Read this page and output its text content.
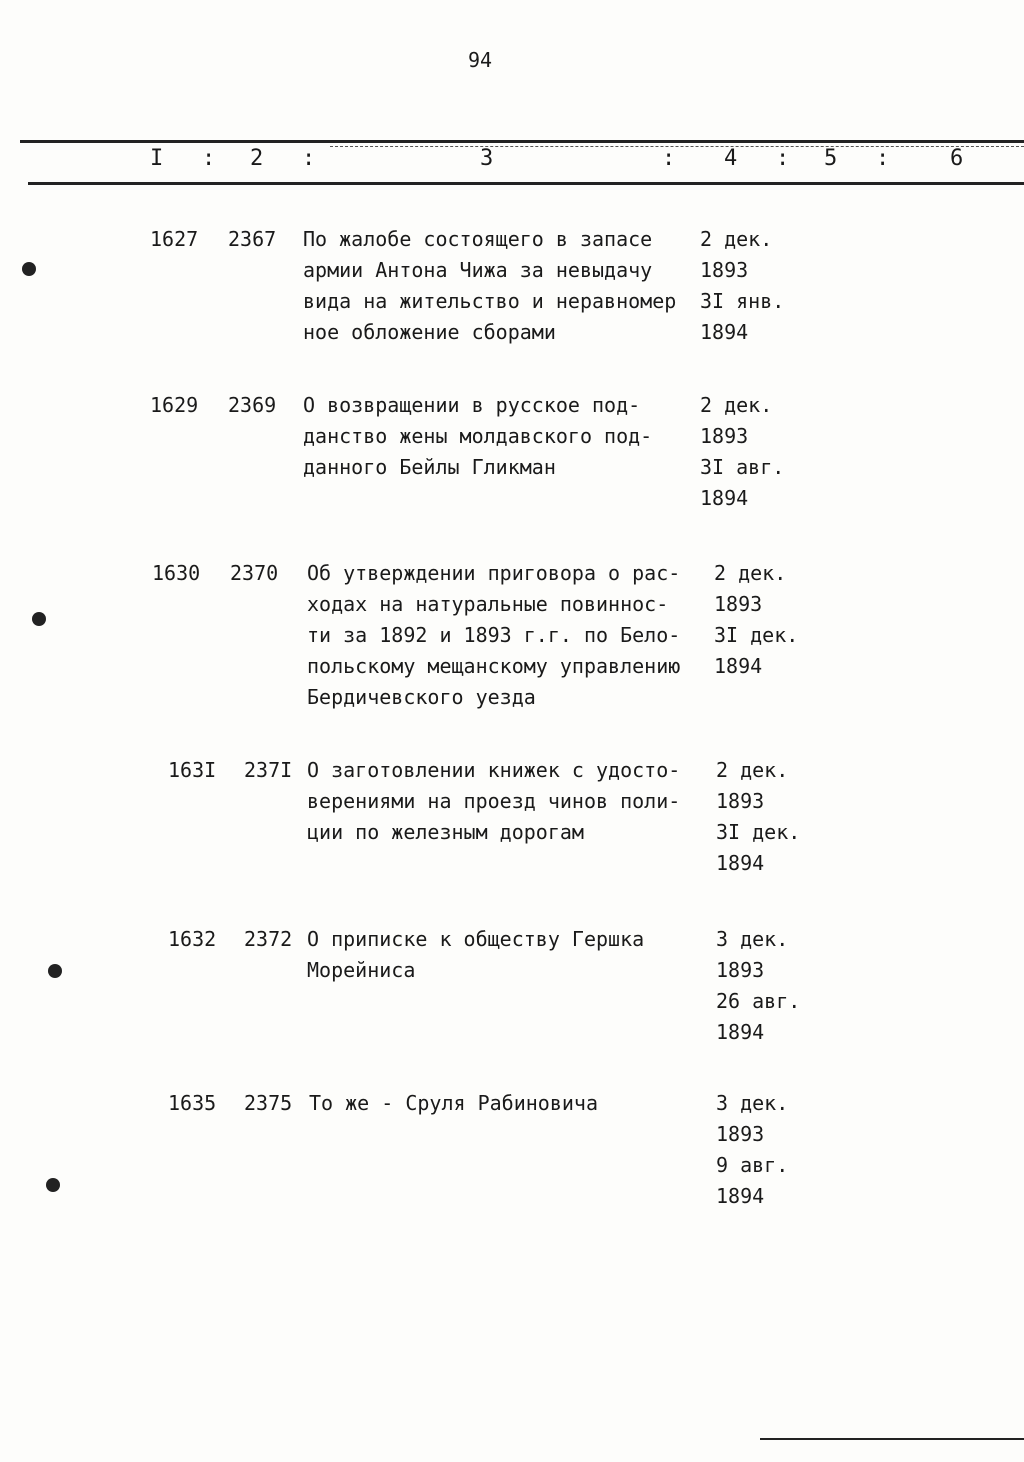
94
I : 2 :	3	: 4 : 5 :	6
1627 2367 По жалобе состоящего в запасе
армии Антона Чижа за невыдачу
вида на жительство и неравномер
ное обложение сборами
2 дек.
1893
3I янв.
1894
1629 2369 О возвращении в русское под-
данство жены молдавского под-
данного Бейлы Гликман
2 дек.
1893
3I авг.
1894
1630 2370 Об утверждении приговора о рас-
ходах на натуральные повиннос-
ти за 1892 и 1893 г.г. по Бело-
польскому мещанскому управлению
Бердичевского уезда
2 дек.
1893
3I дек.
1894
163I 237I О заготовлении книжек с удосто-
верениями на проезд чинов поли-
ции по железным дорогам
2 дек.
1893
3I дек.
1894
1632 2372 О приписке к обществу Гершка
Морейниса
3 дек.
1893
26 авг.
1894
1635 2375 То же - Сруля Рабиновича	3 дек.
1893
9 авг.
1894
